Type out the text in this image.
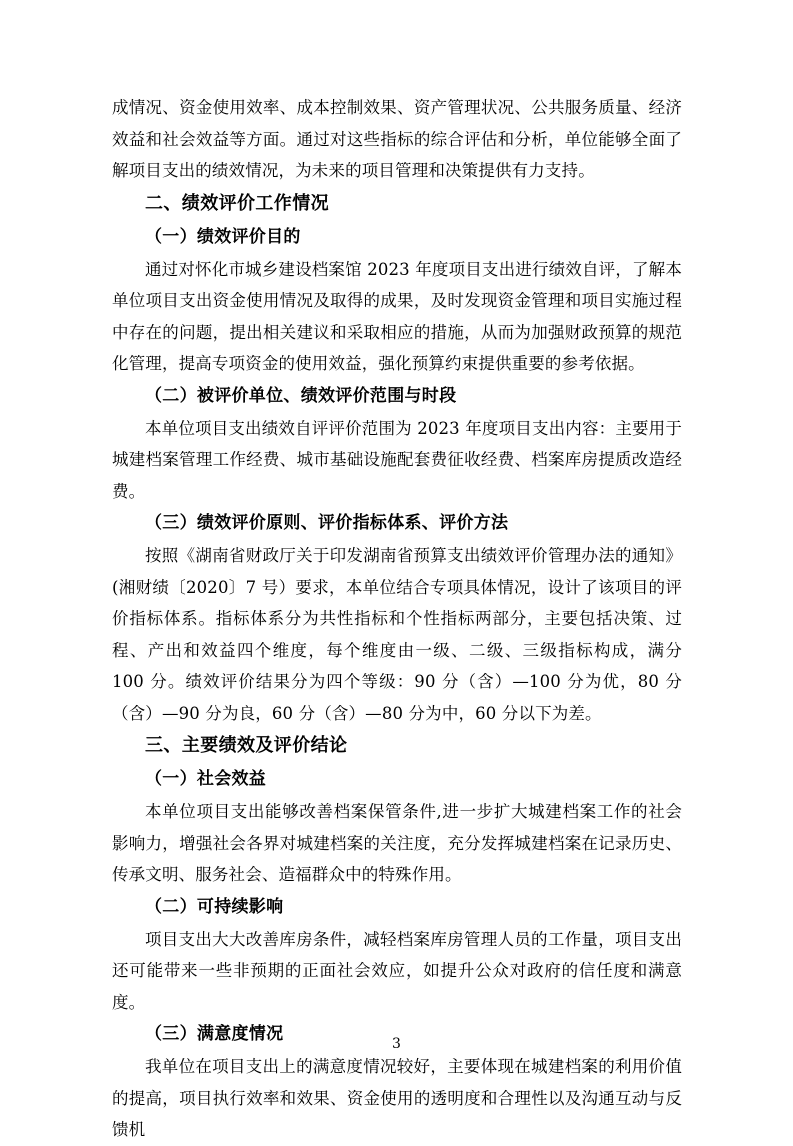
成情况、资金使用效率、成本控制效果、资产管理状况、公共服务质量、经济效益和社会效益等方面。通过对这些指标的综合评估和分析，单位能够全面了解项目支出的绩效情况，为未来的项目管理和决策提供有力支持。

二、绩效评价工作情况
（一）绩效评价目的

通过对怀化市城乡建设档案馆 2023 年度项目支出进行绩效自评，了解本单位项目支出资金使用情况及取得的成果，及时发现资金管理和项目实施过程中存在的问题，提出相关建议和采取相应的措施，从而为加强财政预算的规范化管理，提高专项资金的使用效益，强化预算约束提供重要的参考依据。

（二）被评价单位、绩效评价范围与时段

本单位项目支出绩效自评评价范围为 2023 年度项目支出内容：主要用于城建档案管理工作经费、城市基础设施配套费征收经费、档案库房提质改造经费。

（三）绩效评价原则、评价指标体系、评价方法

按照《湖南省财政厅关于印发湖南省预算支出绩效评价管理办法的通知》(湘财绩〔2020〕7 号）要求，本单位结合专项具体情况，设计了该项目的评价指标体系。指标体系分为共性指标和个性指标两部分，主要包括决策、过程、产出和效益四个维度，每个维度由一级、二级、三级指标构成，满分 100 分。绩效评价结果分为四个等级：90 分（含）—100 分为优，80 分（含）—90 分为良，60 分（含）—80 分为中，60 分以下为差。

三、主要绩效及评价结论
（一）社会效益

本单位项目支出能够改善档案保管条件,进一步扩大城建档案工作的社会影响力，增强社会各界对城建档案的关注度，充分发挥城建档案在记录历史、传承文明、服务社会、造福群众中的特殊作用。

（二）可持续影响

项目支出大大改善库房条件，减轻档案库房管理人员的工作量，项目支出还可能带来一些非预期的正面社会效应，如提升公众对政府的信任度和满意度。

（三）满意度情况

我单位在项目支出上的满意度情况较好，主要体现在城建档案的利用价值的提高，项目执行效率和效果、资金使用的透明度和合理性以及沟通互动与反馈机

3
